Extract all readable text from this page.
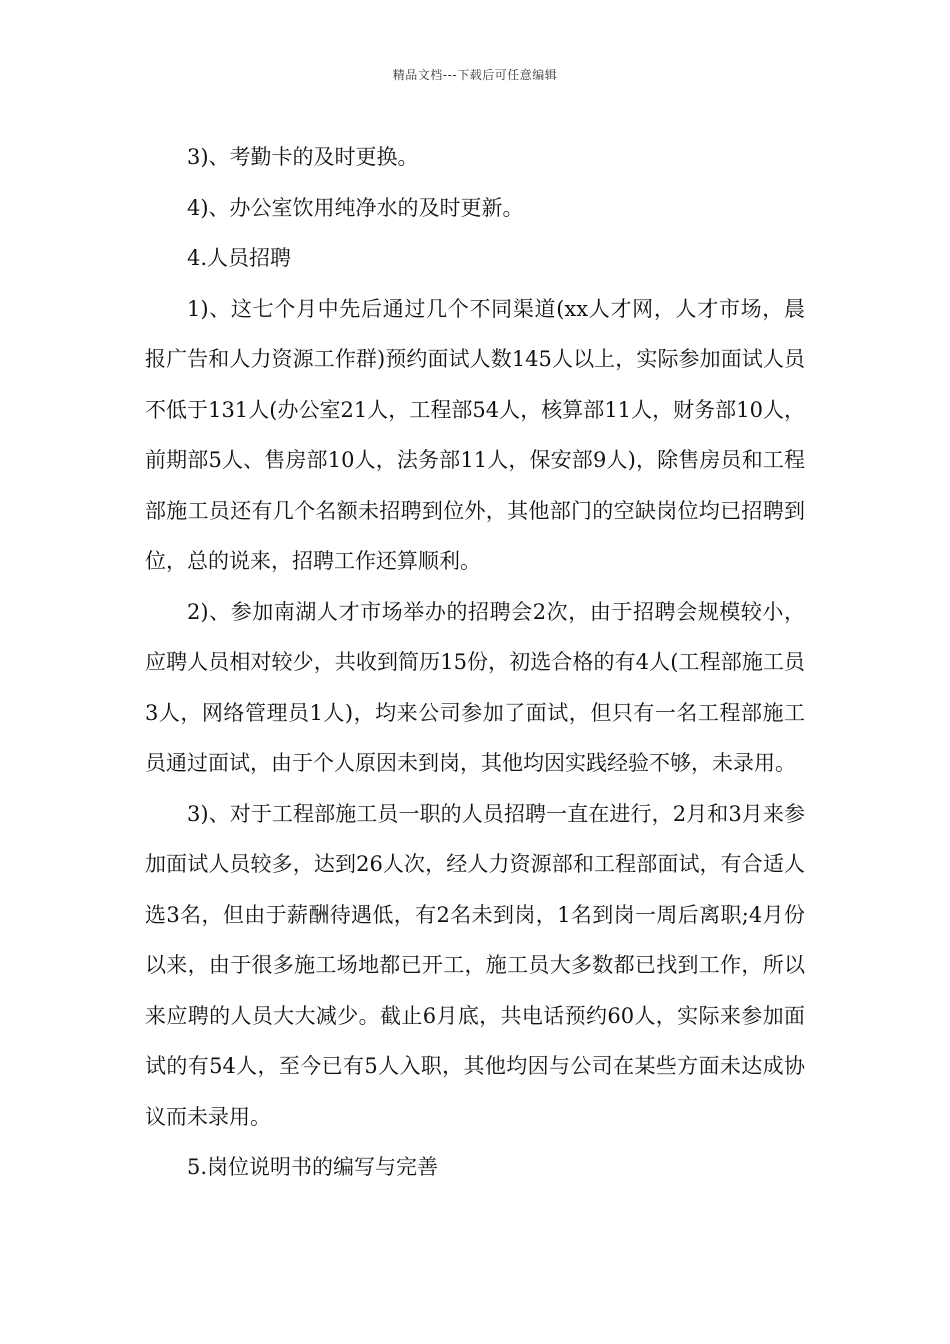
精品文档---下载后可任意编辑

3)、考勤卡的及时更换。

4)、办公室饮用纯净水的及时更新。

4.人员招聘

1)、这七个月中先后通过几个不同渠道(xx人才网，人才市场，晨报广告和人力资源工作群)预约面试人数145人以上，实际参加面试人员不低于131人(办公室21人，工程部54人，核算部11人，财务部10人，前期部5人、售房部10人，法务部11人，保安部9人)，除售房员和工程部施工员还有几个名额未招聘到位外，其他部门的空缺岗位均已招聘到位，总的说来，招聘工作还算顺利。

2)、参加南湖人才市场举办的招聘会2次，由于招聘会规模较小，应聘人员相对较少，共收到简历15份，初选合格的有4人(工程部施工员3人，网络管理员1人)，均来公司参加了面试，但只有一名工程部施工员通过面试，由于个人原因未到岗，其他均因实践经验不够，未录用。

3)、对于工程部施工员一职的人员招聘一直在进行，2月和3月来参加面试人员较多，达到26人次，经人力资源部和工程部面试，有合适人选3名，但由于薪酬待遇低，有2名未到岗，1名到岗一周后离职;4月份以来，由于很多施工场地都已开工，施工员大多数都已找到工作，所以来应聘的人员大大减少。截止6月底，共电话预约60人，实际来参加面试的有54人，至今已有5人入职，其他均因与公司在某些方面未达成协议而未录用。

5.岗位说明书的编写与完善
